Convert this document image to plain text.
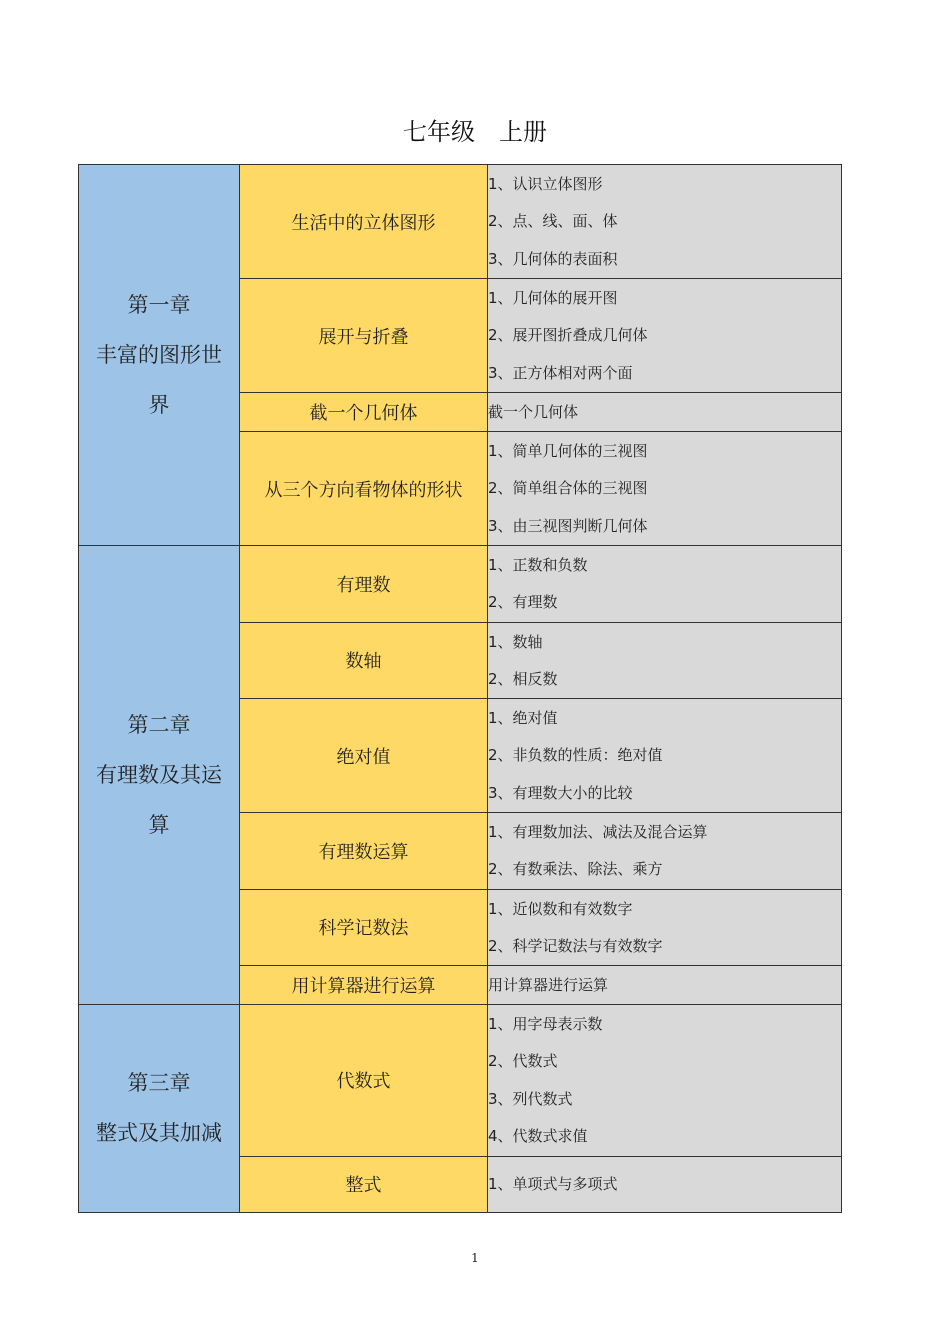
七年级　上册
第一章
丰富的图形世
界	生活中的立体图形	1、认识立体图形
2、点、线、面、体
3、几何体的表面积

	展开与折叠	1、几何体的展开图
2、展开图折叠成几何体
3、正方体相对两个面

	截一个几何体	截一个几何体

	从三个方向看物体的形状	1、简单几何体的三视图
2、简单组合体的三视图
3、由三视图判断几何体

第二章
有理数及其运
算	有理数	1、正数和负数
2、有理数

	数轴	1、数轴
2、相反数

	绝对值	1、绝对值
2、非负数的性质：绝对值
3、有理数大小的比较

	有理数运算	1、有理数加法、减法及混合运算
2、有数乘法、除法、乘方

	科学记数法	1、近似数和有效数字
2、科学记数法与有效数字

	用计算器进行运算	用计算器进行运算

第三章
整式及其加减	代数式	1、用字母表示数
2、代数式
3、列代数式
4、代数式求值

	整式	1、单项式与多项式
1
